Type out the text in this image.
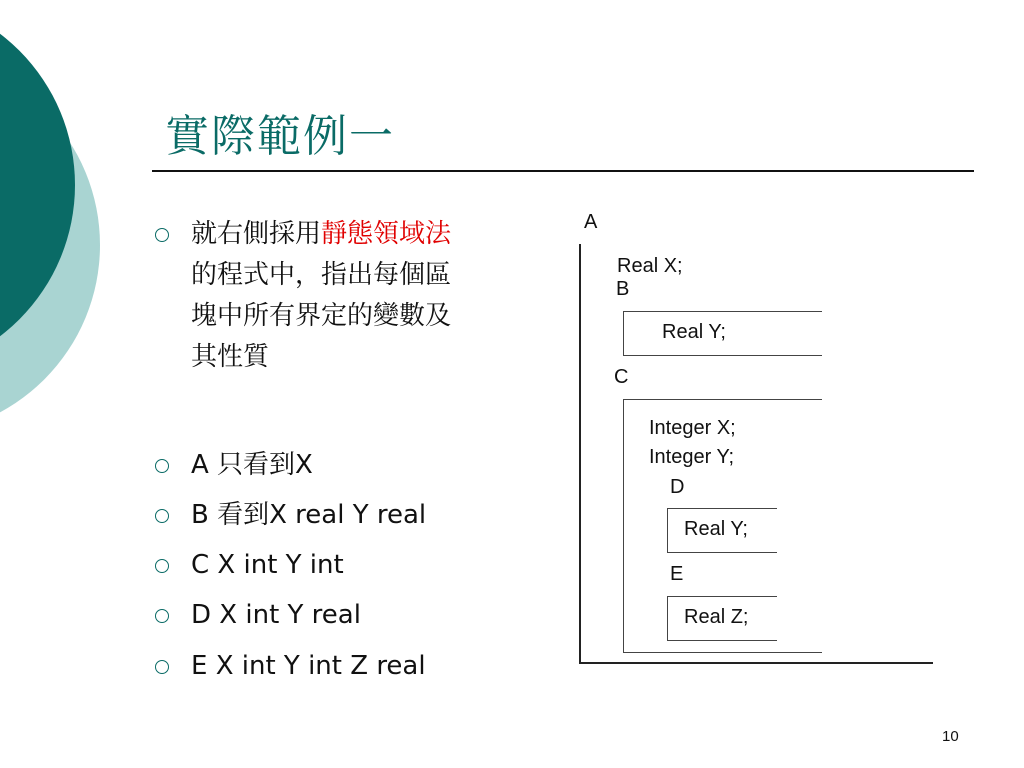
實際範例一
就右側採用靜態領域法
的程式中，指出每個區
塊中所有界定的變數及
其性質
A 只看到X
B 看到X real Y real
C X int Y int
D X int Y real
E X int Y int Z real
A
Real X;
B
Real Y;
C
Integer X;
Integer Y;
D
Real Y;
E
Real Z;
10
